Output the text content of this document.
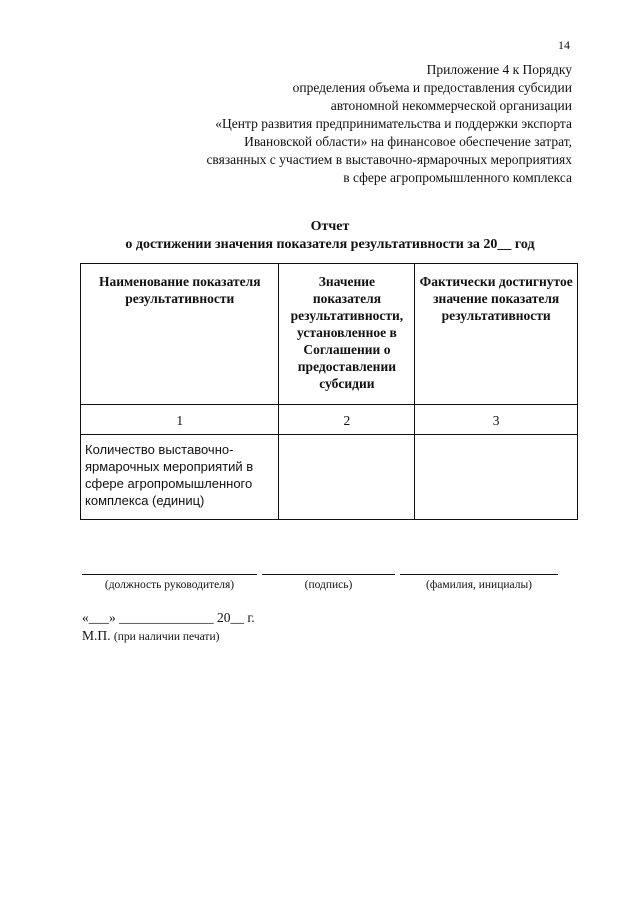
14
Приложение 4 к Порядку
определения объема и предоставления субсидии
автономной некоммерческой организации
«Центр развития предпринимательства и поддержки экспорта
Ивановской области» на финансовое обеспечение затрат,
связанных с участием в выставочно-ярмарочных мероприятиях
в сфере агропромышленного комплекса
Отчет
о достижении значения показателя результативности за 20__ год
Наименование показателя результативности	Значение показателя результативности, установленное в Соглашении о предоставлении субсидии	Фактически достигнутое значение показателя результативности
1	2	3
Количество выставочно-ярмарочных мероприятий в сфере агропромышленного комплекса (единиц)		
(должность руководителя)	(подпись)	(фамилия, инициалы)
«___» ______________ 20__ г.
М.П. (при наличии печати)
